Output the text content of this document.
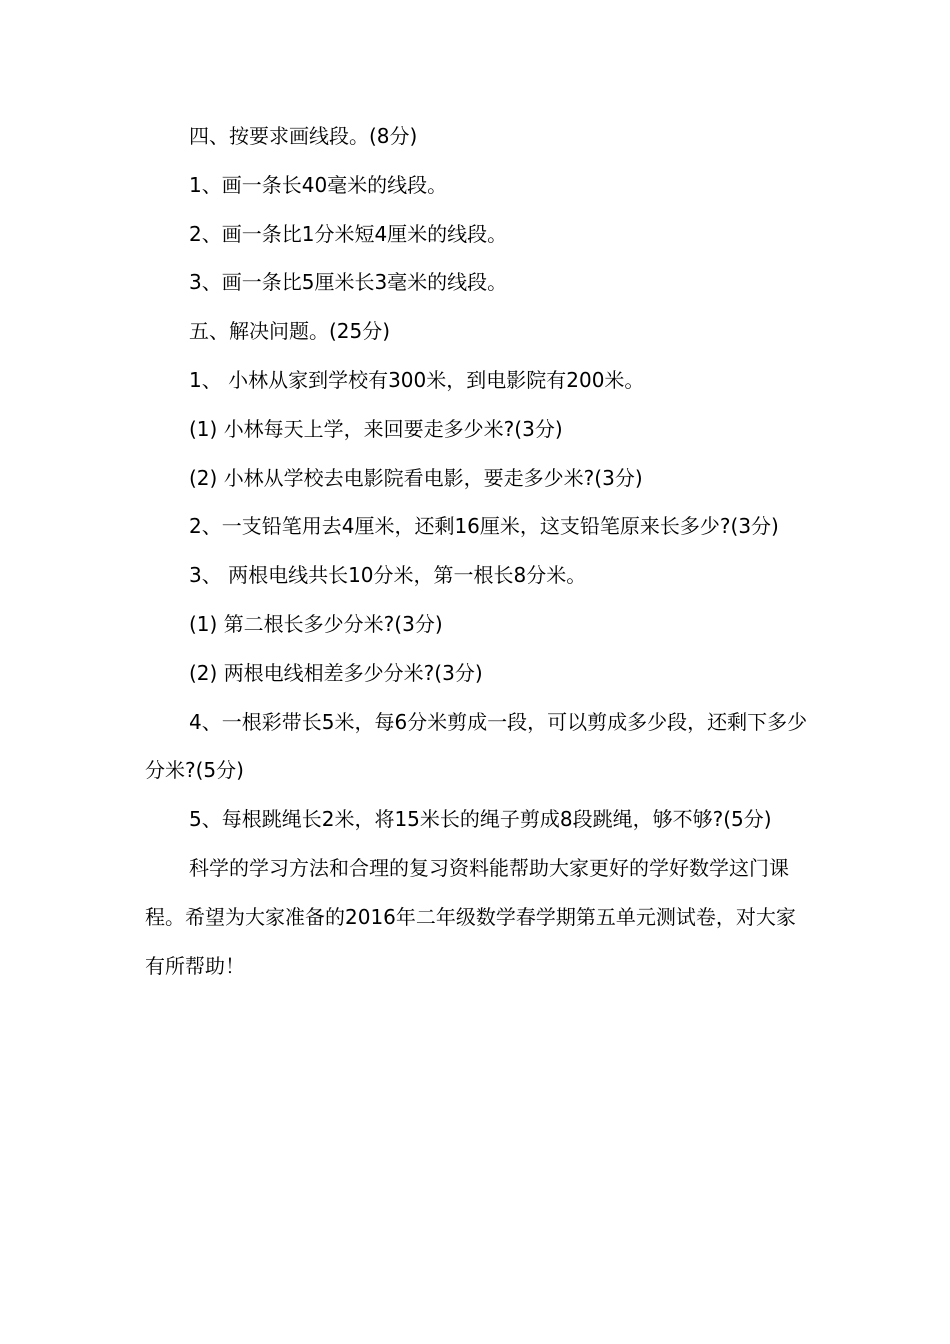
四、按要求画线段。(8分)

1、画一条长40毫米的线段。

2、画一条比1分米短4厘米的线段。

3、画一条比5厘米长3毫米的线段。

五、解决问题。(25分)

1、 小林从家到学校有300米，到电影院有200米。

(1) 小林每天上学，来回要走多少米?(3分)

(2) 小林从学校去电影院看电影，要走多少米?(3分)

2、一支铅笔用去4厘米，还剩16厘米，这支铅笔原来长多少?(3分)

3、 两根电线共长10分米，第一根长8分米。

(1) 第二根长多少分米?(3分)

(2) 两根电线相差多少分米?(3分)

4、一根彩带长5米，每6分米剪成一段，可以剪成多少段，还剩下多少分米?(5分)

5、每根跳绳长2米，将15米长的绳子剪成8段跳绳，够不够?(5分)

科学的学习方法和合理的复习资料能帮助大家更好的学好数学这门课程。希望为大家准备的2016年二年级数学春学期第五单元测试卷，对大家有所帮助！
